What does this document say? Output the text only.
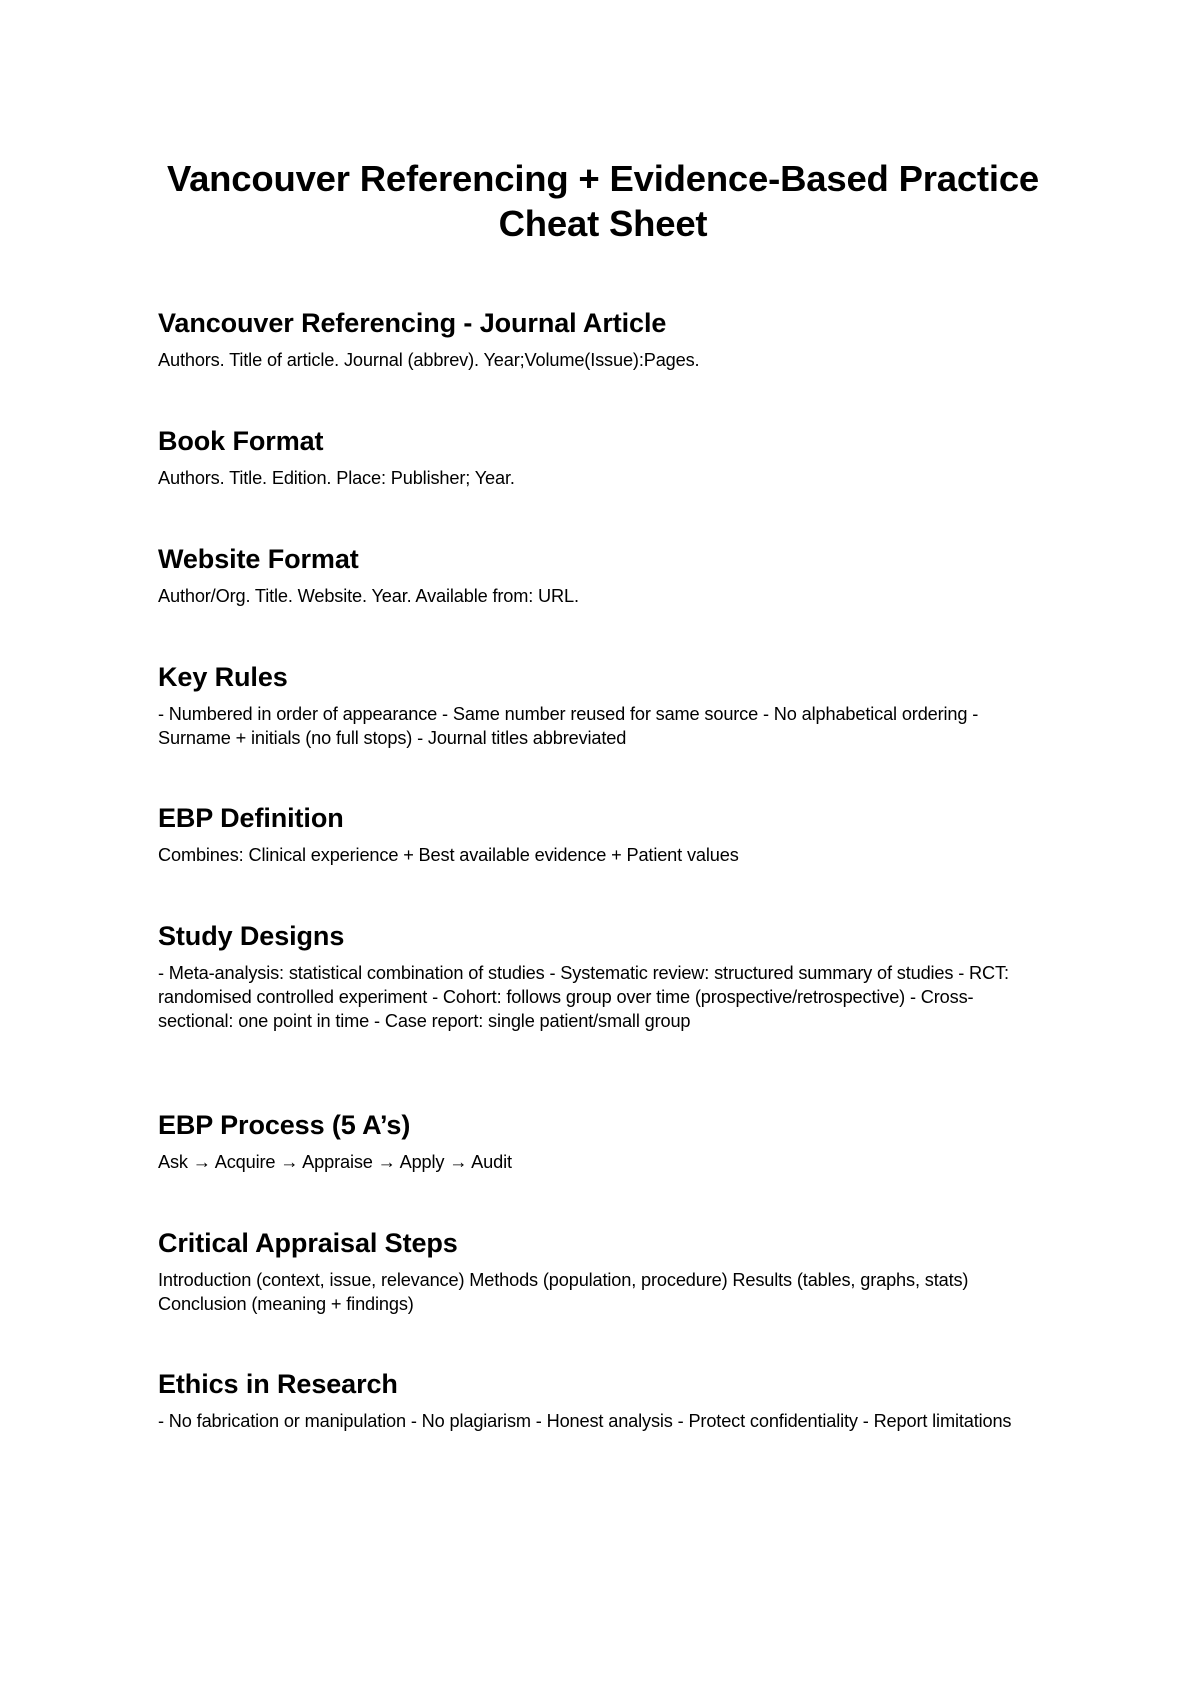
Vancouver Referencing + Evidence-Based Practice Cheat Sheet
Vancouver Referencing - Journal Article

Authors. Title of article. Journal (abbrev). Year;Volume(Issue):Pages.

Book Format

Authors. Title. Edition. Place: Publisher; Year.

Website Format

Author/Org. Title. Website. Year. Available from: URL.

Key Rules

- Numbered in order of appearance - Same number reused for same source - No alphabetical ordering - Surname + initials (no full stops) - Journal titles abbreviated

EBP Definition

Combines: Clinical experience + Best available evidence + Patient values

Study Designs

- Meta-analysis: statistical combination of studies - Systematic review: structured summary of studies - RCT: randomised controlled experiment - Cohort: follows group over time (prospective/retrospective) - Cross-sectional: one point in time - Case report: single patient/small group

EBP Process (5 A’s)

Ask → Acquire → Appraise → Apply → Audit

Critical Appraisal Steps

Introduction (context, issue, relevance) Methods (population, procedure) Results (tables, graphs, stats) Conclusion (meaning + findings)

Ethics in Research

- No fabrication or manipulation - No plagiarism - Honest analysis - Protect confidentiality - Report limitations
